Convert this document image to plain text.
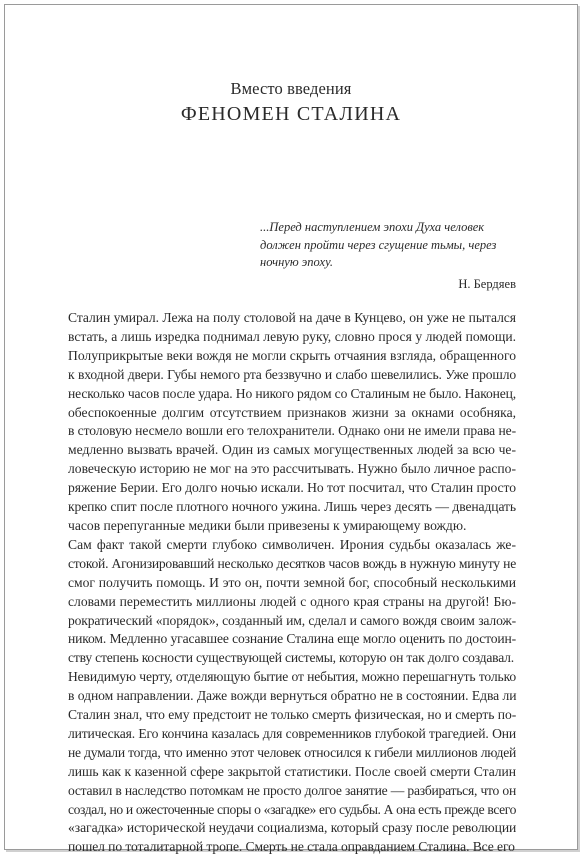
Вместо введения
ФЕНОМЕН СТАЛИНА
...Перед наступлением эпохи Духа человек
должен пройти через сгущение тьмы, через
ночную эпоху.
Н. Бердяев
Сталин умирал. Лежа на полу столовой на даче в Кунцево, он уже не пытался
встать, а лишь изредка поднимал левую руку, словно прося у людей помощи.
Полуприкрытые веки вождя не могли скрыть отчаяния взгляда, обращенного
к входной двери. Губы немого рта беззвучно и слабо шевелились. Уже прошло
несколько часов после удара. Но никого рядом со Сталиным не было. Наконец,
обеспокоенные долгим отсутствием признаков жизни за окнами особняка,
в столовую несмело вошли его телохранители. Однако они не имели права не-
медленно вызвать врачей. Один из самых могущественных людей за всю че-
ловеческую историю не мог на это рассчитывать. Нужно было личное распо-
ряжение Берии. Его долго ночью искали. Но тот посчитал, что Сталин просто
крепко спит после плотного ночного ужина. Лишь через десять — двенадцать
часов перепуганные медики были привезены к умирающему вождю.
Сам факт такой смерти глубоко символичен. Ирония судьбы оказалась же-
стокой. Агонизировавший несколько десятков часов вождь в нужную минуту не
смог получить помощь. И это он, почти земной бог, способный несколькими
словами переместить миллионы людей с одного края страны на другой! Бю-
рократический «порядок», созданный им, сделал и самого вождя своим залож-
ником. Медленно угасавшее сознание Сталина еще могло оценить по достоин-
ству степень косности существующей системы, которую он так долго создавал.
Невидимую черту, отделяющую бытие от небытия, можно перешагнуть только
в одном направлении. Даже вожди вернуться обратно не в состоянии. Едва ли
Сталин знал, что ему предстоит не только смерть физическая, но и смерть по-
литическая. Его кончина казалась для современников глубокой трагедией. Они
не думали тогда, что именно этот человек относился к гибели миллионов людей
лишь как к казенной сфере закрытой статистики. После своей смерти Сталин
оставил в наследство потомкам не просто долгое занятие — разбираться, что он
создал, но и ожесточенные споры о «загадке» его судьбы. А она есть прежде всего
«загадка» исторической неудачи социализма, который сразу после революции
пошел по тоталитарной тропе. Смерть не стала оправданием Сталина. Все его
